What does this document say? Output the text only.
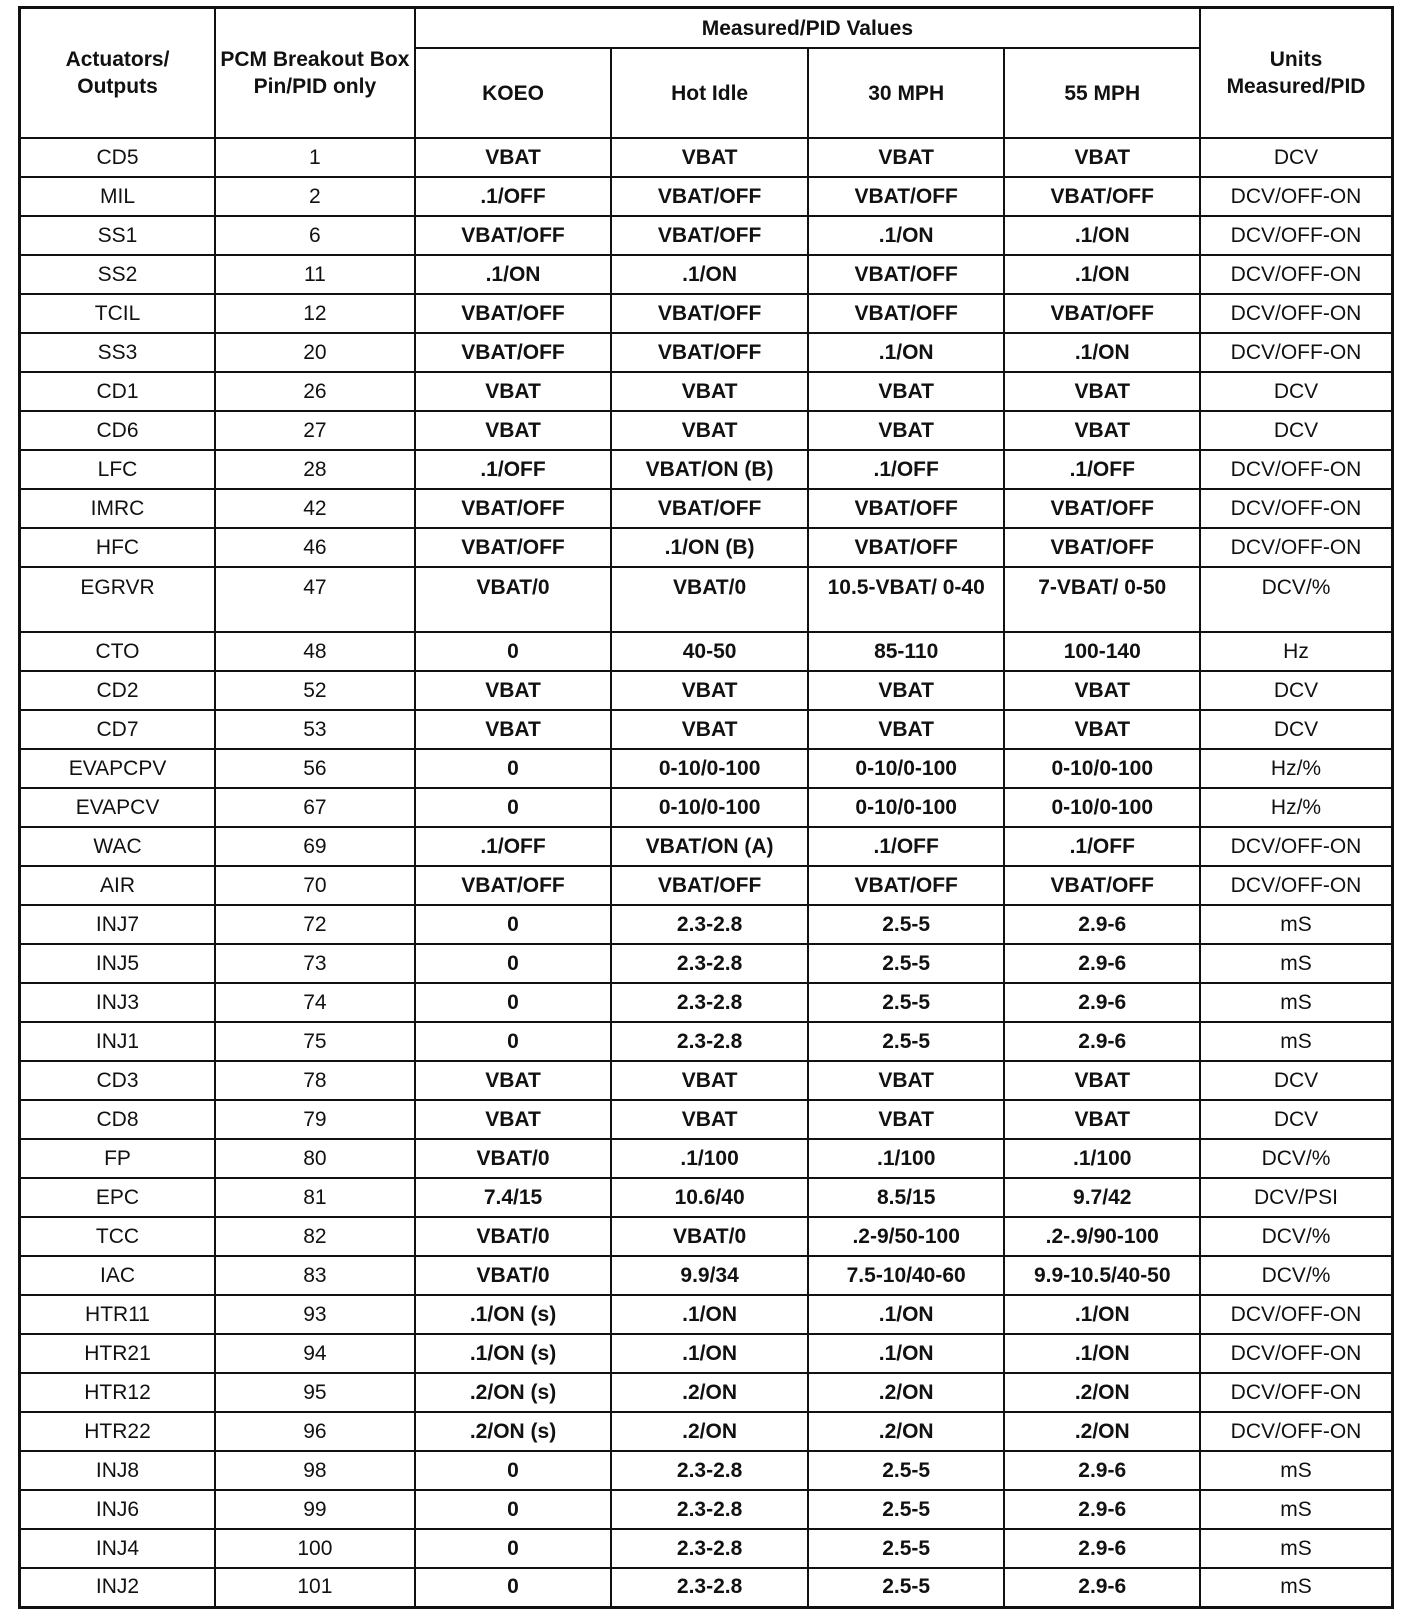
Actuators/ Outputs	PCM Breakout Box Pin/PID only	Measured/PID Values				Units Measured/PID
		KOEO	Hot Idle	30 MPH	55 MPH	
CD5	1	VBAT	VBAT	VBAT	VBAT	DCV
MIL	2	.1/OFF	VBAT/OFF	VBAT/OFF	VBAT/OFF	DCV/OFF-ON
SS1	6	VBAT/OFF	VBAT/OFF	.1/ON	.1/ON	DCV/OFF-ON
SS2	11	.1/ON	.1/ON	VBAT/OFF	.1/ON	DCV/OFF-ON
TCIL	12	VBAT/OFF	VBAT/OFF	VBAT/OFF	VBAT/OFF	DCV/OFF-ON
SS3	20	VBAT/OFF	VBAT/OFF	.1/ON	.1/ON	DCV/OFF-ON
CD1	26	VBAT	VBAT	VBAT	VBAT	DCV
CD6	27	VBAT	VBAT	VBAT	VBAT	DCV
LFC	28	.1/OFF	VBAT/ON (B)	.1/OFF	.1/OFF	DCV/OFF-ON
IMRC	42	VBAT/OFF	VBAT/OFF	VBAT/OFF	VBAT/OFF	DCV/OFF-ON
HFC	46	VBAT/OFF	.1/ON (B)	VBAT/OFF	VBAT/OFF	DCV/OFF-ON
EGRVR	47	VBAT/0	VBAT/0	10.5-VBAT/ 0-40	7-VBAT/ 0-50	DCV/%
CTO	48	0	40-50	85-110	100-140	Hz
CD2	52	VBAT	VBAT	VBAT	VBAT	DCV
CD7	53	VBAT	VBAT	VBAT	VBAT	DCV
EVAPCPV	56	0	0-10/0-100	0-10/0-100	0-10/0-100	Hz/%
EVAPCV	67	0	0-10/0-100	0-10/0-100	0-10/0-100	Hz/%
WAC	69	.1/OFF	VBAT/ON (A)	.1/OFF	.1/OFF	DCV/OFF-ON
AIR	70	VBAT/OFF	VBAT/OFF	VBAT/OFF	VBAT/OFF	DCV/OFF-ON
INJ7	72	0	2.3-2.8	2.5-5	2.9-6	mS
INJ5	73	0	2.3-2.8	2.5-5	2.9-6	mS
INJ3	74	0	2.3-2.8	2.5-5	2.9-6	mS
INJ1	75	0	2.3-2.8	2.5-5	2.9-6	mS
CD3	78	VBAT	VBAT	VBAT	VBAT	DCV
CD8	79	VBAT	VBAT	VBAT	VBAT	DCV
FP	80	VBAT/0	.1/100	.1/100	.1/100	DCV/%
EPC	81	7.4/15	10.6/40	8.5/15	9.7/42	DCV/PSI
TCC	82	VBAT/0	VBAT/0	.2-9/50-100	.2-.9/90-100	DCV/%
IAC	83	VBAT/0	9.9/34	7.5-10/40-60	9.9-10.5/40-50	DCV/%
HTR11	93	.1/ON (s)	.1/ON	.1/ON	.1/ON	DCV/OFF-ON
HTR21	94	.1/ON (s)	.1/ON	.1/ON	.1/ON	DCV/OFF-ON
HTR12	95	.2/ON (s)	.2/ON	.2/ON	.2/ON	DCV/OFF-ON
HTR22	96	.2/ON (s)	.2/ON	.2/ON	.2/ON	DCV/OFF-ON
INJ8	98	0	2.3-2.8	2.5-5	2.9-6	mS
INJ6	99	0	2.3-2.8	2.5-5	2.9-6	mS
INJ4	100	0	2.3-2.8	2.5-5	2.9-6	mS
INJ2	101	0	2.3-2.8	2.5-5	2.9-6	mS
